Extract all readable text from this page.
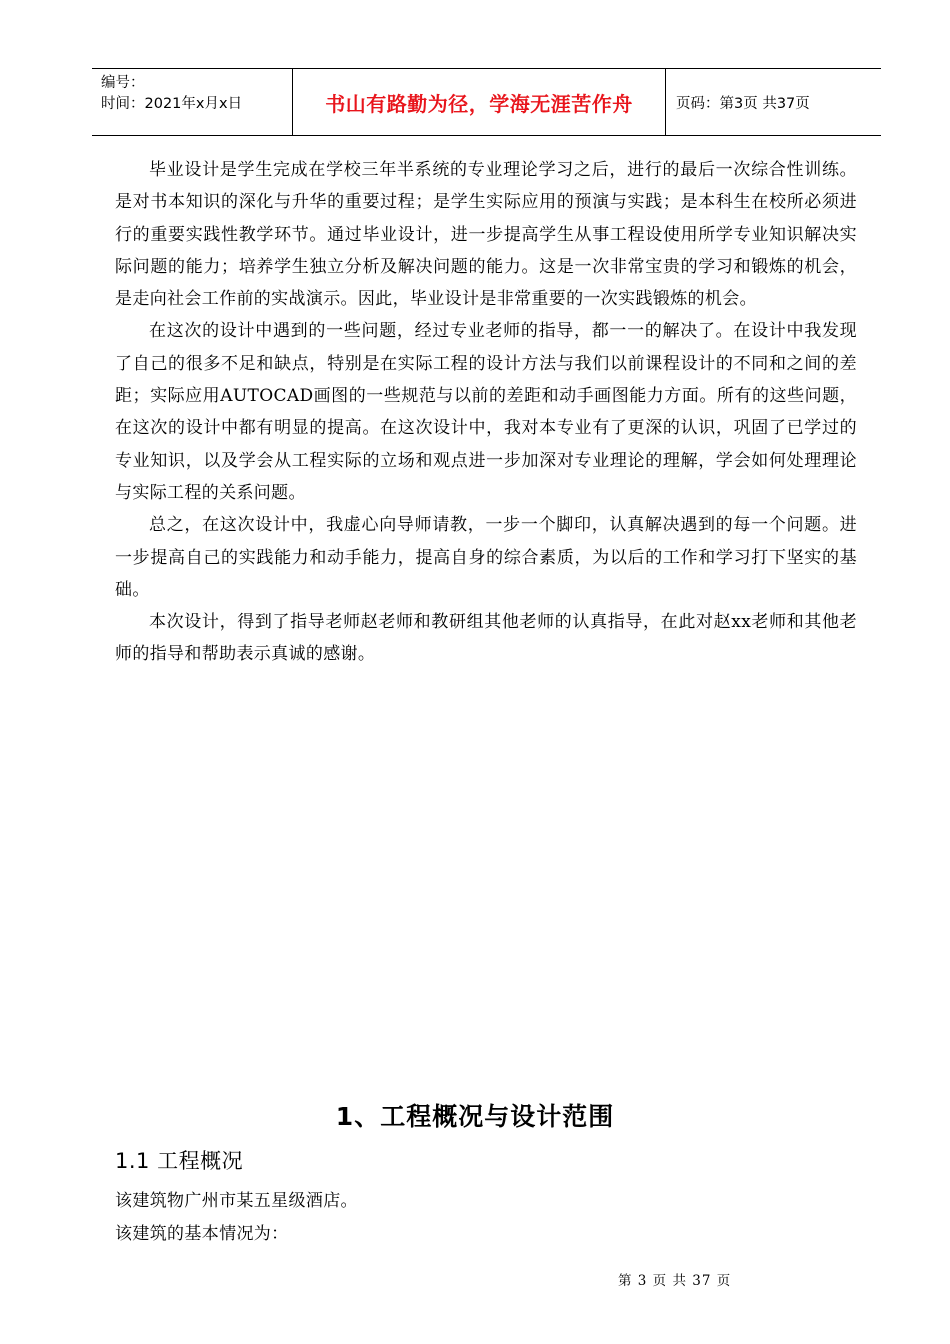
编号：
时间：2021年x月x日	书山有路勤为径，学海无涯苦作舟	页码：第3页 共37页

毕业设计是学生完成在学校三年半系统的专业理论学习之后，进行的最后一次综合性训练。是对书本知识的深化与升华的重要过程；是学生实际应用的预演与实践；是本科生在校所必须进行的重要实践性教学环节。通过毕业设计，进一步提高学生从事工程设使用所学专业知识解决实际问题的能力；培养学生独立分析及解决问题的能力。这是一次非常宝贵的学习和锻炼的机会，是走向社会工作前的实战演示。因此，毕业设计是非常重要的一次实践锻炼的机会。

在这次的设计中遇到的一些问题，经过专业老师的指导，都一一的解决了。在设计中我发现了自己的很多不足和缺点，特别是在实际工程的设计方法与我们以前课程设计的不同和之间的差距；实际应用AUTOCAD画图的一些规范与以前的差距和动手画图能力方面。所有的这些问题，在这次的设计中都有明显的提高。在这次设计中，我对本专业有了更深的认识，巩固了已学过的专业知识，以及学会从工程实际的立场和观点进一步加深对专业理论的理解，学会如何处理理论与实际工程的关系问题。

总之，在这次设计中，我虚心向导师请教，一步一个脚印，认真解决遇到的每一个问题。进一步提高自己的实践能力和动手能力，提高自身的综合素质，为以后的工作和学习打下坚实的基础。

本次设计，得到了指导老师赵老师和教研组其他老师的认真指导，在此对赵xx老师和其他老师的指导和帮助表示真诚的感谢。

1、工程概况与设计范围
1.1 工程概况
该建筑物广州市某五星级酒店。
该建筑的基本情况为：
第 3 页 共 37 页
